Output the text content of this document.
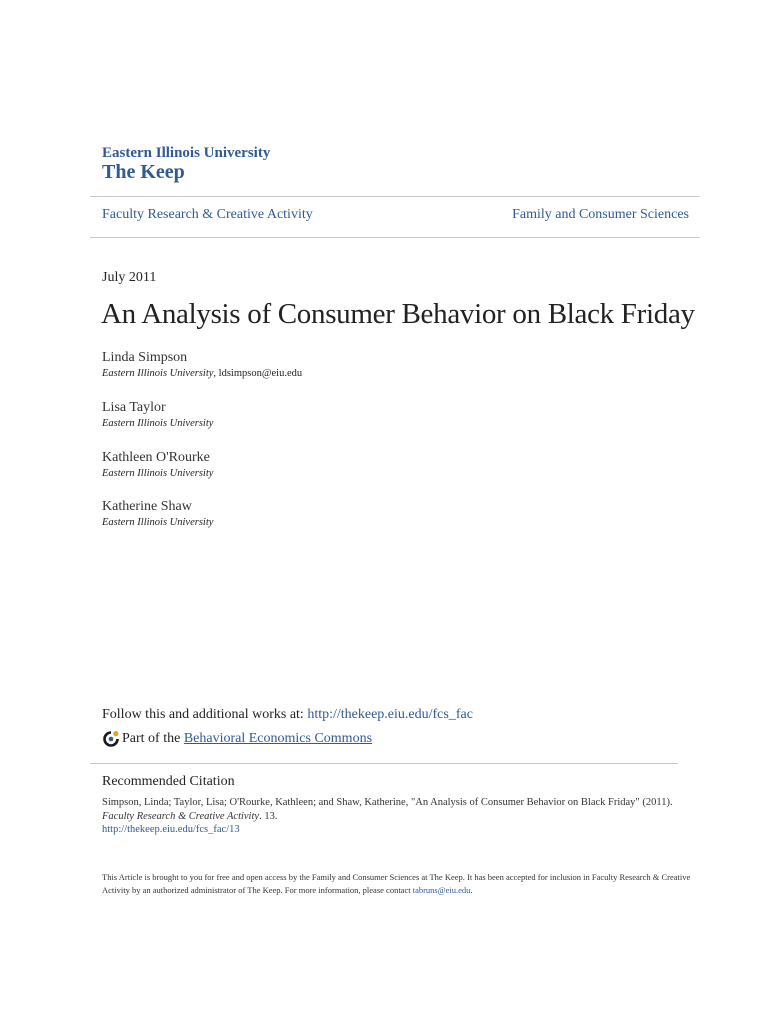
Eastern Illinois University
The Keep
Faculty Research & Creative Activity	Family and Consumer Sciences
July 2011
An Analysis of Consumer Behavior on Black Friday
Linda Simpson
Eastern Illinois University, ldsimpson@eiu.edu
Lisa Taylor
Eastern Illinois University
Kathleen O'Rourke
Eastern Illinois University
Katherine Shaw
Eastern Illinois University
Follow this and additional works at: http://thekeep.eiu.edu/fcs_fac
Part of the
Behavioral Economics Commons
Recommended Citation
Simpson, Linda; Taylor, Lisa; O'Rourke, Kathleen; and Shaw, Katherine, "An Analysis of Consumer Behavior on Black Friday" (2011).
Faculty Research & Creative Activity. 13.
http://thekeep.eiu.edu/fcs_fac/13
This Article is brought to you for free and open access by the Family and Consumer Sciences at The Keep. It has been accepted for inclusion in Faculty Research & Creative Activity by an authorized administrator of The Keep. For more information, please contact tabruns@eiu.edu.
